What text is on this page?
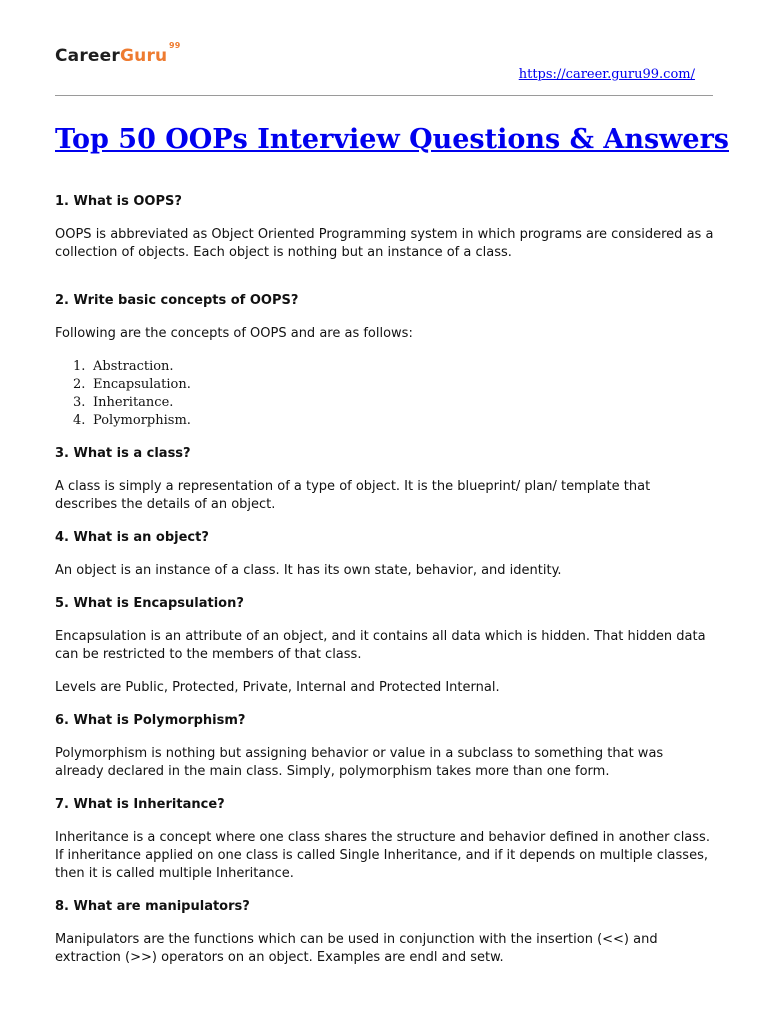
CareerGuru
99
https://career.guru99.com/
Top 50 OOPs Interview Questions & Answers
1. What is OOPS?

OOPS is abbreviated as Object Oriented Programming system in which programs are considered as a collection of objects. Each object is nothing but an instance of a class.

2. Write basic concepts of OOPS?

Following are the concepts of OOPS and are as follows:

1. Abstraction.
2. Encapsulation.
3. Inheritance.
4. Polymorphism.
3. What is a class?

A class is simply a representation of a type of object. It is the blueprint/ plan/ template that describes the details of an object.

4. What is an object?

An object is an instance of a class. It has its own state, behavior, and identity.

5. What is Encapsulation?

Encapsulation is an attribute of an object, and it contains all data which is hidden. That hidden data can be restricted to the members of that class.

Levels are Public, Protected, Private, Internal and Protected Internal.

6. What is Polymorphism?

Polymorphism is nothing but assigning behavior or value in a subclass to something that was already declared in the main class. Simply, polymorphism takes more than one form.

7. What is Inheritance?

Inheritance is a concept where one class shares the structure and behavior defined in another class. If inheritance applied on one class is called Single Inheritance, and if it depends on multiple classes, then it is called multiple Inheritance.

8. What are manipulators?

Manipulators are the functions which can be used in conjunction with the insertion (<<) and extraction (>>) operators on an object. Examples are endl and setw.
